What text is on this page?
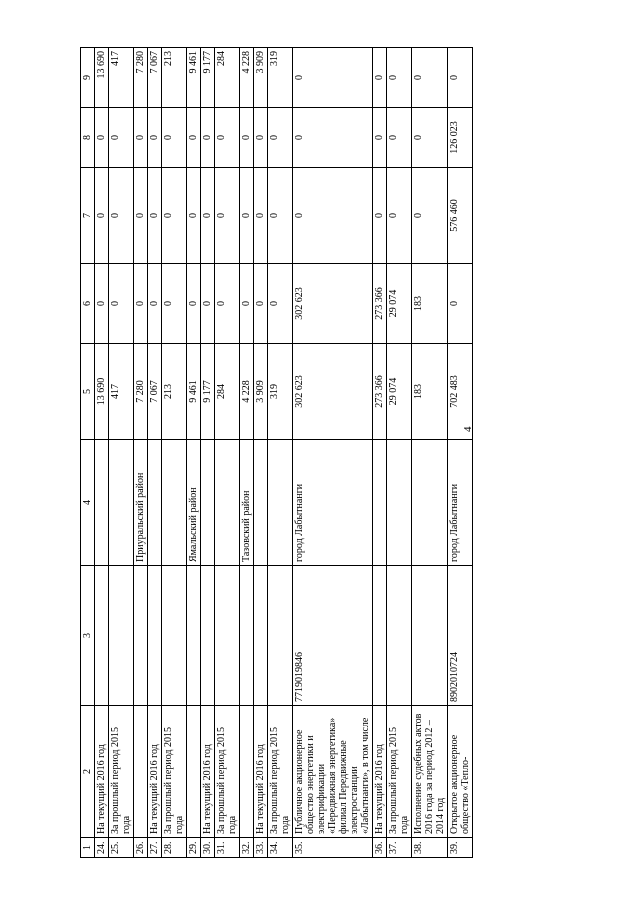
4
1	2	3	4	5	6	7	8	9
24.	На текущий 2016 год			13 690	0	0	0	13 690
25.	За прошлый период 2015 года			417	0	0	0	417
26.			Приуральский район	7 280	0	0	0	7 280
27.	На текущий 2016 год			7 067	0	0	0	7 067
28.	За прошлый период 2015 года			213	0	0	0	213
29.			Ямальский район	9 461	0	0	0	9 461
30.	На текущий 2016 год			9 177	0	0	0	9 177
31.	За прошлый период 2015 года			284	0	0	0	284
32.			Тазовский район	4 228	0	0	0	4 228
33.	На текущий 2016 год			3 909	0	0	0	3 909
34.	За прошлый период 2015 года			319	0	0	0	319
35.	Публичное акционерное общество энергетики и электрификации «Передвижная энергетика» филиал Передвижные электростанции «Лабытнанги», в том числе	7719019846	город Лабытнанги	302 623	302 623	0	0	0
36.	На текущий 2016 год			273 366	273 366	0	0	0
37.	За прошлый период 2015 года			29 074	29 074	0	0	0
38.	Исполнение судебных актов 2016 года за период 2012 – 2014 год			183	183	0	0	0
39.	Открытое акционерное общество «Тепло-	8902010724	город Лабытнанги	702 483	0	576 460	126 023	0
